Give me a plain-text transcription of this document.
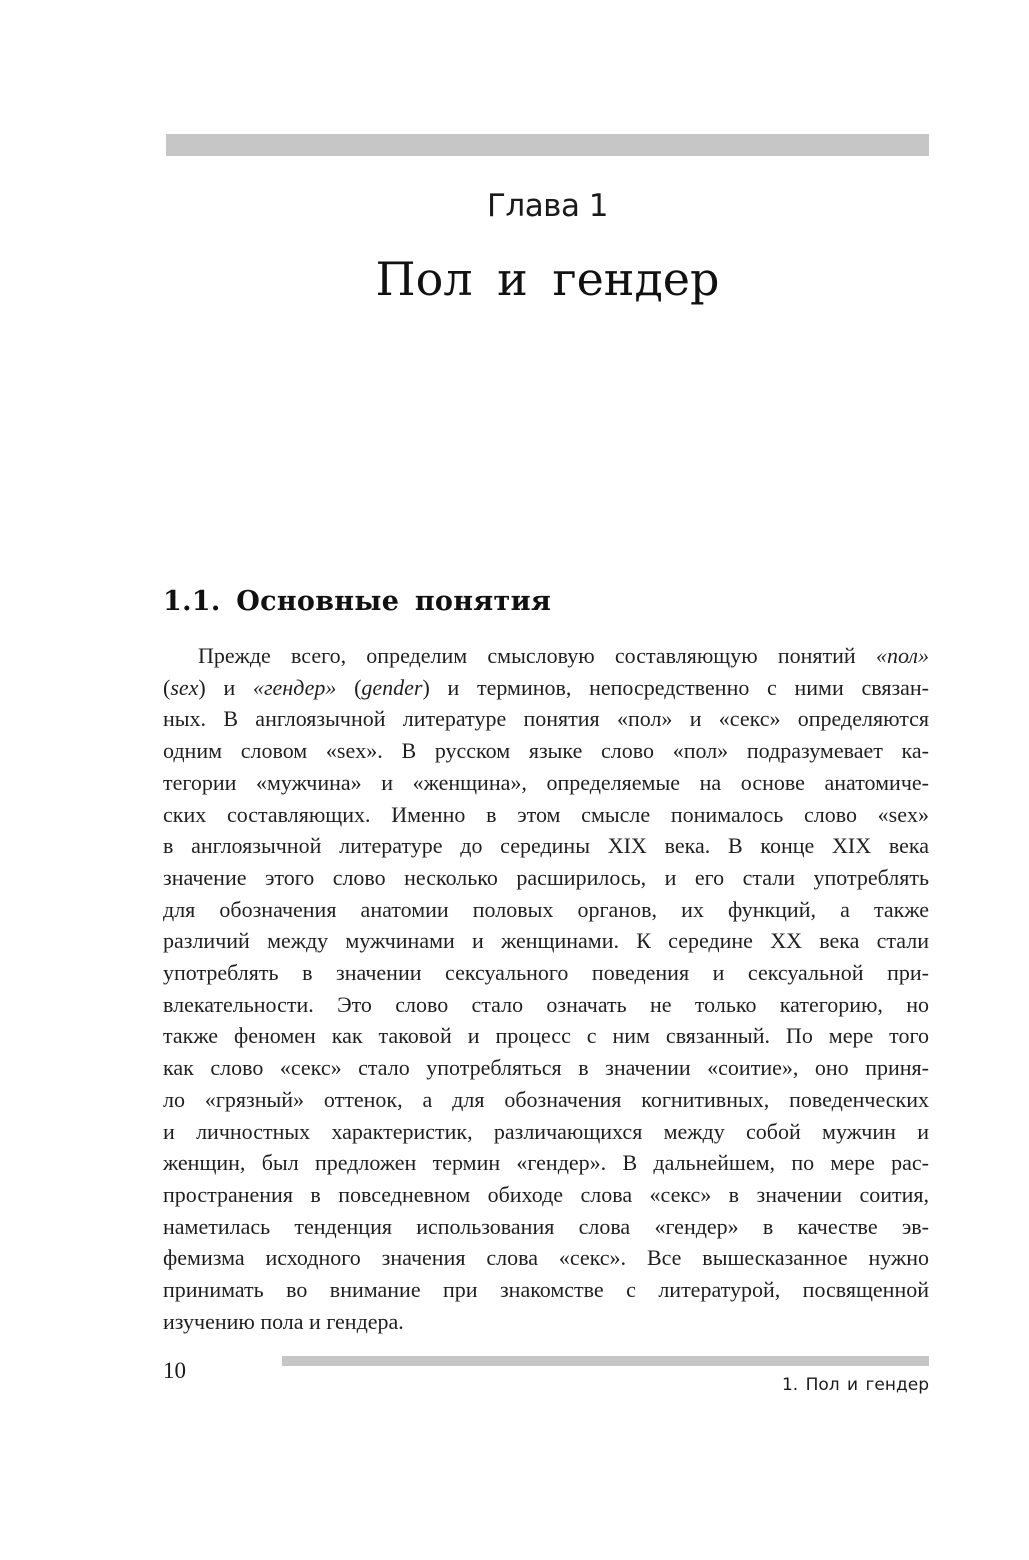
Глава 1
Пол и гендер
1.1. Основные понятия
Прежде всего, определим смысловую составляющую понятий «пол»
(sex) и «гендер» (gender) и терминов, непосредственно с ними связан-
ных. В англоязычной литературе понятия «пол» и «секс» определяются
одним словом «sex». В русском языке слово «пол» подразумевает ка-
тегории «мужчина» и «женщина», определяемые на основе анатомиче-
ских составляющих. Именно в этом смысле понималось слово «sex»
в англоязычной литературе до середины XIX века. В конце XIX века
значение этого слово несколько расширилось, и его стали употреблять
для обозначения анатомии половых органов, их функций, а также
различий между мужчинами и женщинами. К середине XX века стали
употреблять в значении сексуального поведения и сексуальной при-
влекательности. Это слово стало означать не только категорию, но
также феномен как таковой и процесс с ним связанный. По мере того
как слово «секс» стало употребляться в значении «соитие», оно приня-
ло «грязный» оттенок, а для обозначения когнитивных, поведенческих
и личностных характеристик, различающихся между собой мужчин и
женщин, был предложен термин «гендер». В дальнейшем, по мере рас-
пространения в повседневном обиходе слова «секс» в значении соития,
наметилась тенденция использования слова «гендер» в качестве эв-
фемизма исходного значения слова «секс». Все вышесказанное нужно
принимать во внимание при знакомстве с литературой, посвященной
изучению пола и гендера.
10
1. Пол и гендер
